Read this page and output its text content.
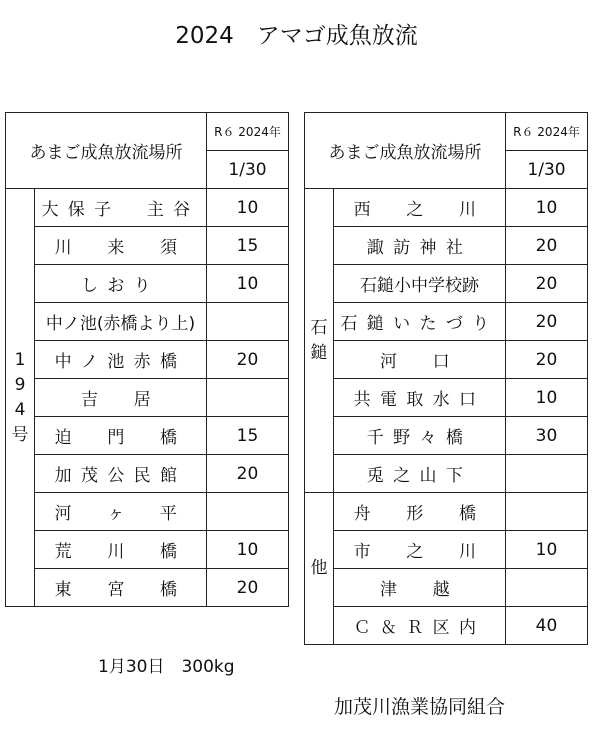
2024　アマゴ成魚放流
あまご成魚放流場所		R６ 2024年
		1/30
1
9
4
号	大保子　主谷	10
	川　来　須	15
	しおり	10
	中ノ池(赤橋より上)	
	中ノ池赤橋	20
	吉　居	
	迫　門　橋	15
	加茂公民館	20
	河　ヶ　平	
	荒　川　橋	10
	東　宮　橋	20
あまご成魚放流場所		R６ 2024年
		1/30
石
鎚	西　之　川	10
	諏訪神社	20
	石鎚小中学校跡	20
	石鎚いたづり	20
	河　口	20
	共電取水口	10
	千野々橋	30
	兎之山下	
他	舟　形　橋	
	市　之　川	10
	津　越	
	Ｃ＆Ｒ区内	40
1月30日　300kg
加茂川漁業協同組合
